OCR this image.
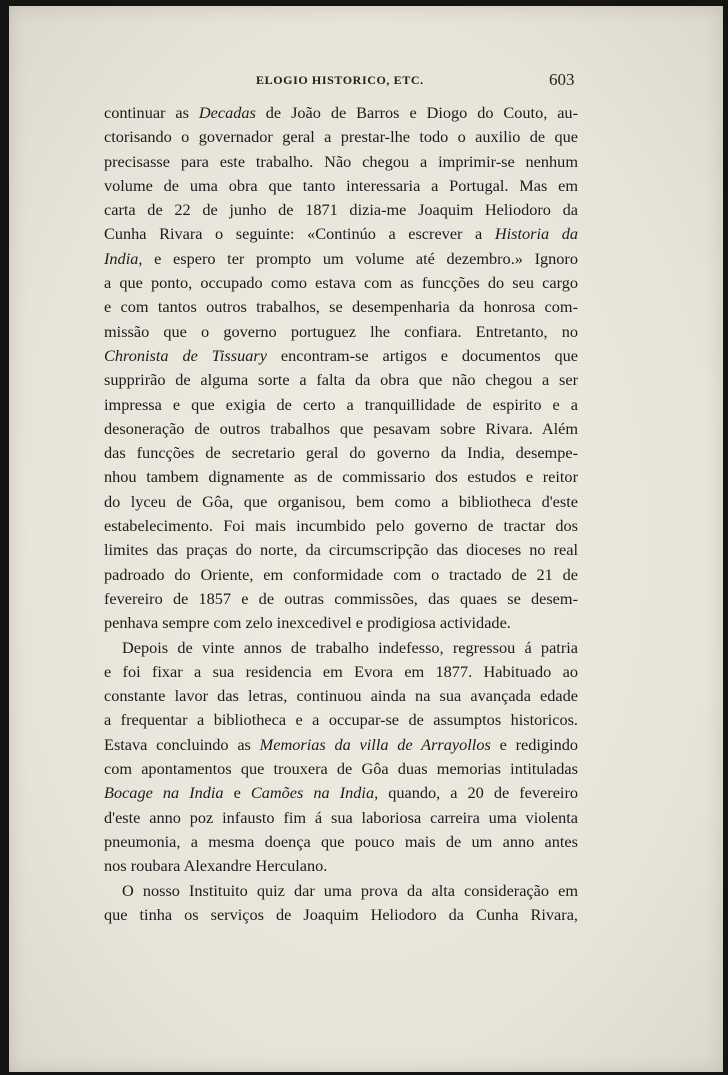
ELOGIO HISTORICO, ETC.	603
continuar as Decadas de João de Barros e Diogo do Couto, au-
ctorisando o governador geral a prestar-lhe todo o auxilio de que
precisasse para este trabalho. Não chegou a imprimir-se nenhum
volume de uma obra que tanto interessaria a Portugal. Mas em
carta de 22 de junho de 1871 dizia-me Joaquim Heliodoro da
Cunha Rivara o seguinte: «Continúo a escrever a Historia da
India, e espero ter prompto um volume até dezembro.» Ignoro
a que ponto, occupado como estava com as funcções do seu cargo
e com tantos outros trabalhos, se desempenharia da honrosa com-
missão que o governo portuguez lhe confiara. Entretanto, no
Chronista de Tissuary encontram-se artigos e documentos que
supprirão de alguma sorte a falta da obra que não chegou a ser
impressa e que exigia de certo a tranquillidade de espirito e a
desoneração de outros trabalhos que pesavam sobre Rivara. Além
das funcções de secretario geral do governo da India, desempe-
nhou tambem dignamente as de commissario dos estudos e reitor
do lyceu de Gôa, que organisou, bem como a bibliotheca d'este
estabelecimento. Foi mais incumbido pelo governo de tractar dos
limites das praças do norte, da circumscripção das dioceses no real
padroado do Oriente, em conformidade com o tractado de 21 de
fevereiro de 1857 e de outras commissões, das quaes se desem-
penhava sempre com zelo inexcedivel e prodigiosa actividade.
Depois de vinte annos de trabalho indefesso, regressou á patria
e foi fixar a sua residencia em Evora em 1877. Habituado ao
constante lavor das letras, continuou ainda na sua avançada edade
a frequentar a bibliotheca e a occupar-se de assumptos historicos.
Estava concluindo as Memorias da villa de Arrayollos e redigindo
com apontamentos que trouxera de Gôa duas memorias intituladas
Bocage na India e Camões na India, quando, a 20 de fevereiro
d'este anno poz infausto fim á sua laboriosa carreira uma violenta
pneumonia, a mesma doença que pouco mais de um anno antes
nos roubara Alexandre Herculano.
O nosso Instituito quiz dar uma prova da alta consideração em
que tinha os serviços de Joaquim Heliodoro da Cunha Rivara,
